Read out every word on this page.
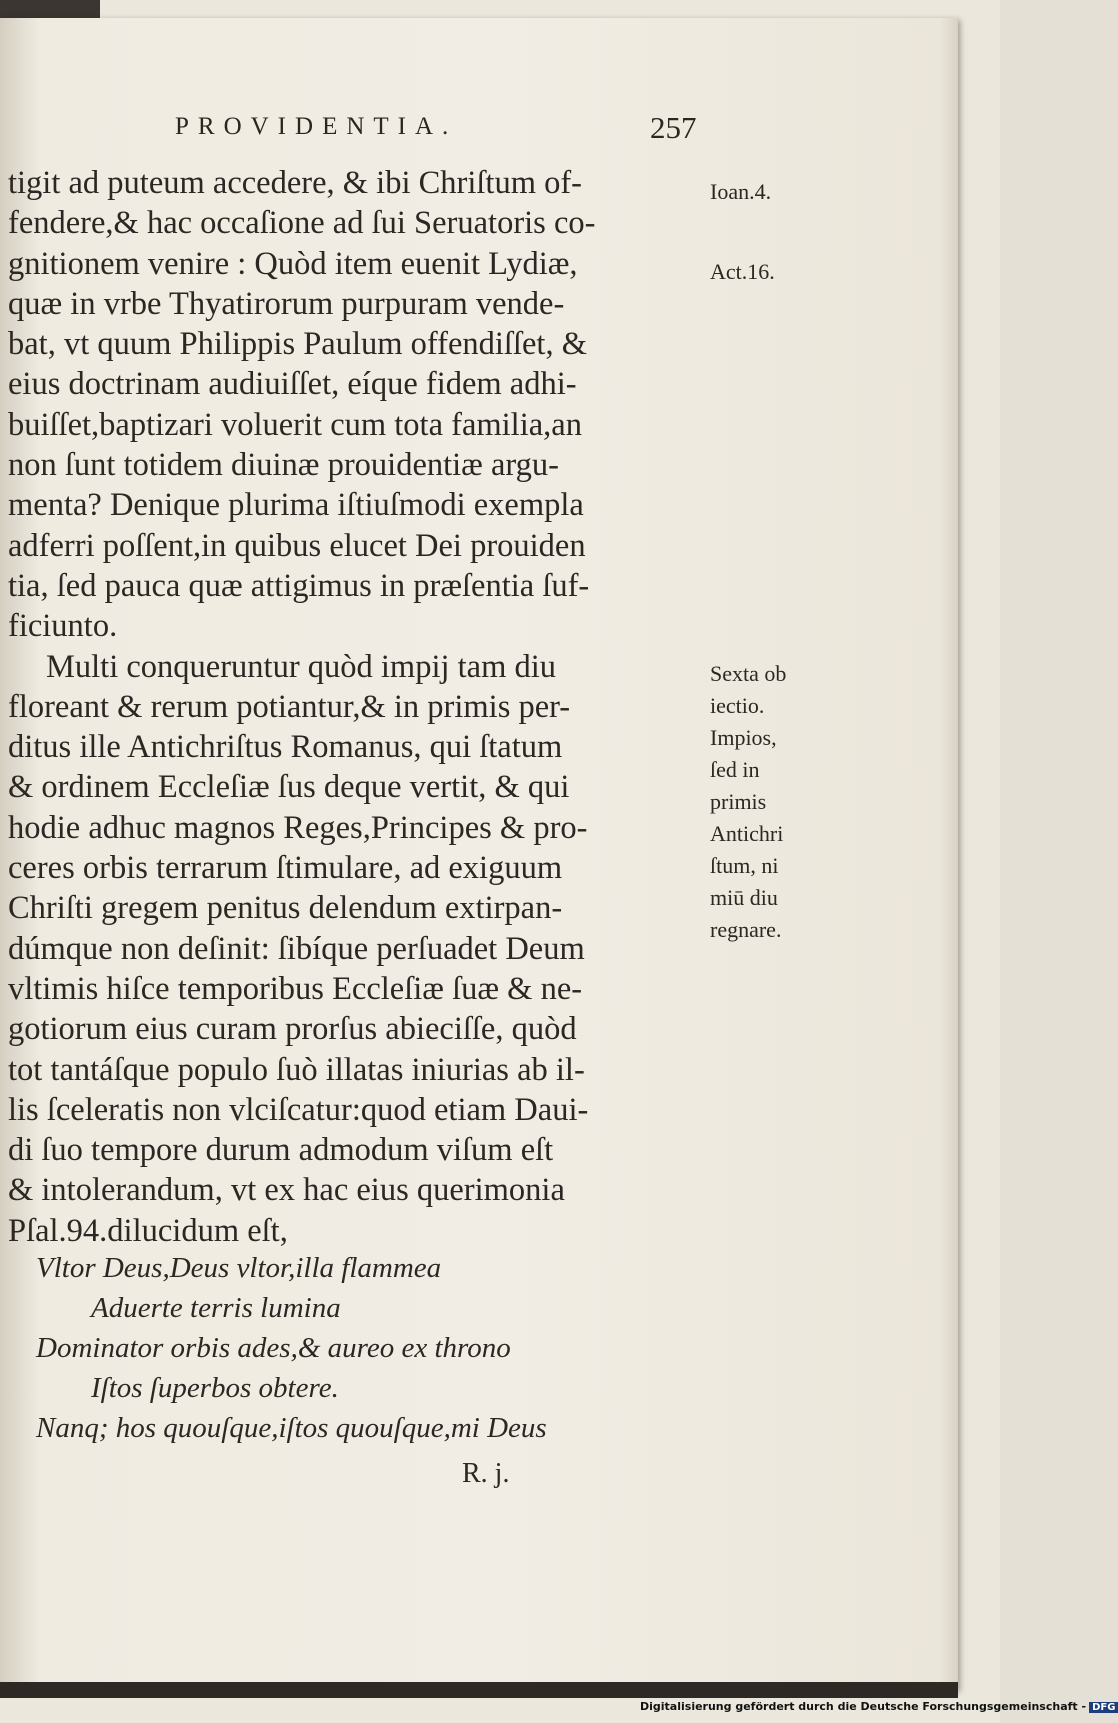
PROVIDENTIA.	257
tigit ad puteum accedere, & ibi Chriſtum of-
fendere,& hac occaſione ad ſui Seruatoris co-
gnitionem venire : Quòd item euenit Lydiæ,
quæ in vrbe Thyatirorum purpuram vende-
bat, vt quum Philippis Paulum offendiſſet, &
eius doctrinam audiuiſſet, eíque fidem adhi-
buiſſet,baptizari voluerit cum tota familia,an
non ſunt totidem diuinæ prouidentiæ argu-
menta? Denique plurima iſtiuſmodi exempla
adferri poſſent,in quibus elucet Dei prouiden
tia, ſed pauca quæ attigimus in præſentia ſuf-
ficiunto.
Multi conqueruntur quòd impij tam diu
floreant & rerum potiantur,& in primis per-
ditus ille Antichriſtus Romanus, qui ſtatum
& ordinem Eccleſiæ ſus deque vertit, & qui
hodie adhuc magnos Reges,Principes & pro-
ceres orbis terrarum ſtimulare, ad exiguum
Chriſti gregem penitus delendum extirpan-
dúmque non deſinit: ſibíque perſuadet Deum
vltimis hiſce temporibus Eccleſiæ ſuæ & ne-
gotiorum eius curam prorſus abieciſſe, quòd
tot tantáſque populo ſuò illatas iniurias ab il-
lis ſceleratis non vlciſcatur:quod etiam Daui-
di ſuo tempore durum admodum viſum eſt
& intolerandum, vt ex hac eius querimonia
Pſal.94.dilucidum eſt,
Vltor Deus,Deus vltor,illa flammea
Aduerte terris lumina
Dominator orbis ades,& aureo ex throno
Iſtos ſuperbos obtere.
Nanq; hos quouſque,iſtos quouſque,mi Deus
R. j.
Ioan.4.
Act.16.
Sexta ob
iectio.
Impios,
ſed in
primis
Antichri
ſtum, ni
miū diu
regnare.
Digitalisierung gefördert durch die Deutsche Forschungsgemeinschaft - DFG
